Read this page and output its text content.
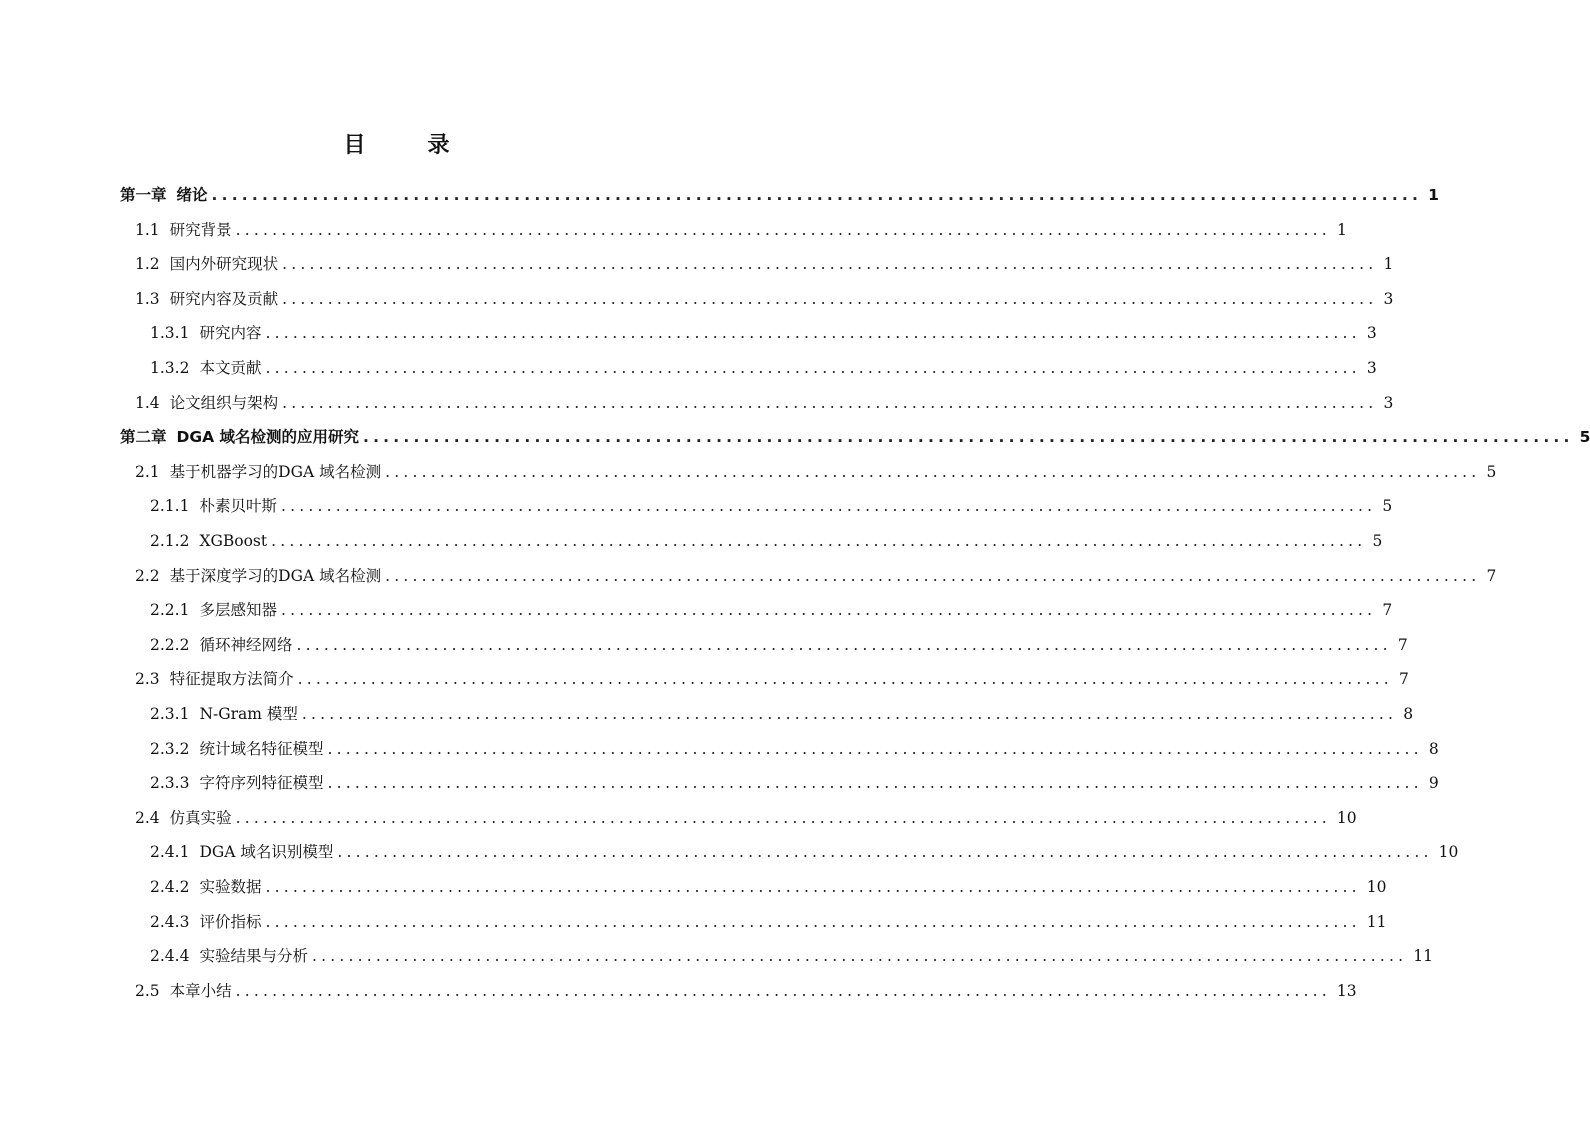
目　录
第一章 绪论 ........................................................................................................................ 1
1.1 研究背景 ........................................................................................................................ 1
1.2 国内外研究现状 ........................................................................................................................ 1
1.3 研究内容及贡献 ........................................................................................................................ 3
1.3.1 研究内容 ........................................................................................................................ 3
1.3.2 本文贡献 ........................................................................................................................ 3
1.4 论文组织与架构 ........................................................................................................................ 3
第二章 DGA 域名检测的应用研究 ........................................................................................................................ 5
2.1 基于机器学习的DGA 域名检测 ........................................................................................................................ 5
2.1.1 朴素贝叶斯 ........................................................................................................................ 5
2.1.2 XGBoost ........................................................................................................................ 5
2.2 基于深度学习的DGA 域名检测 ........................................................................................................................ 7
2.2.1 多层感知器 ........................................................................................................................ 7
2.2.2 循环神经网络 ........................................................................................................................ 7
2.3 特征提取方法简介 ........................................................................................................................ 7
2.3.1 N-Gram 模型 ........................................................................................................................ 8
2.3.2 统计域名特征模型 ........................................................................................................................ 8
2.3.3 字符序列特征模型 ........................................................................................................................ 9
2.4 仿真实验 ........................................................................................................................ 10
2.4.1 DGA 域名识别模型 ........................................................................................................................ 10
2.4.2 实验数据 ........................................................................................................................ 10
2.4.3 评价指标 ........................................................................................................................ 11
2.4.4 实验结果与分析 ........................................................................................................................ 11
2.5 本章小结 ........................................................................................................................ 13
